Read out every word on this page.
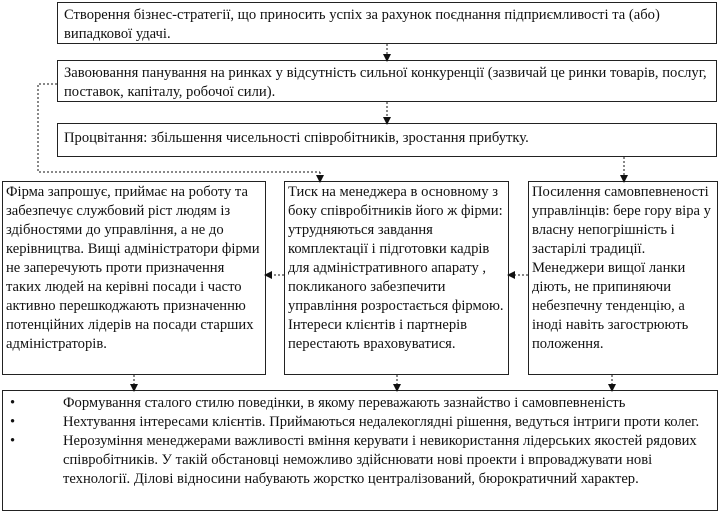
Створення бізнес-стратегії, що приносить успіх за рахунок поєднання підприємливості та (або) випадкової удачі.
Завоювання панування на ринках у відсутність сильної конкуренції (зазвичай це ринки товарів, послуг, поставок, капіталу, робочої сили).
Процвітання: збільшення чисельності співробітників, зростання прибутку.
Фірма запрошує, приймає на роботу та забезпечує службовий ріст людям із здібностями до управління, а не до керівництва. Вищі адміністратори фірми не заперечують проти призначення таких людей на керівні посади і часто активно перешкоджають призначенню потенційних лідерів на посади старших адміністраторів.
Тиск на менеджера в основному з боку співробітників його ж фірми: утрудняються завдання комплектації і підготовки кадрів для адміністративного апарату , покликаного забезпечити управління розростається фірмою. Інтереси клієнтів і партнерів перестають враховуватися.
Посилення самовпевненості управлінців: бере гору віра у власну непогрішність і застарілі традиції. Менеджери вищої ланки діють, не припиняючи небезпечну тенденцію, а іноді навіть загострюють положення.
•	Формування сталого стилю поведінки, в якому переважають зазнайство і самовпевненість
•	Нехтування інтересами клієнтів. Приймаються недалекоглядні рішення, ведуться інтриги проти колег.
•	Нерозуміння менеджерами важливості вміння керувати і невикористання лідерських якостей рядових співробітників. У такій обстановці неможливо здійснювати нові проекти і впроваджувати нові технології. Ділові відносини набувають жорстко централізований, бюрократичний характер.
